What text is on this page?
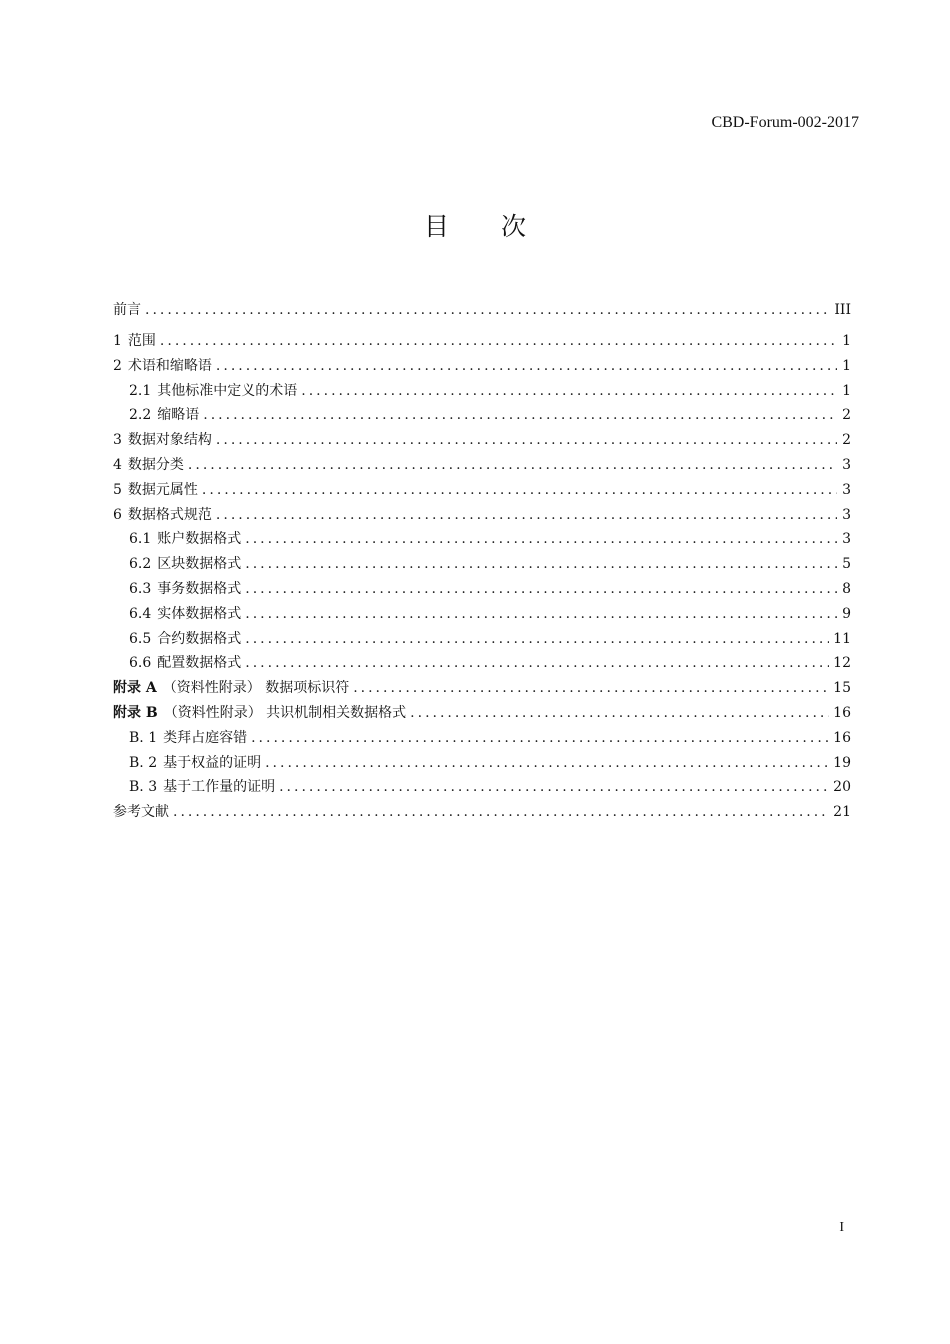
CBD-Forum-002-2017
目 次
前言 .....	III
1 范围 .....	1
2 术语和缩略语 .....	1
2.1 其他标准中定义的术语 .....	1
2.2 缩略语 .....	2
3 数据对象结构 .....	2
4 数据分类 .....	3
5 数据元属性 .....	3
6 数据格式规范 .....	3
6.1 账户数据格式 .....	3
6.2 区块数据格式 .....	5
6.3 事务数据格式 .....	8
6.4 实体数据格式 .....	9
6.5 合约数据格式 .....	11
6.6 配置数据格式 .....	12
附录 A （资料性附录） 数据项标识符 .....	15
附录 B （资料性附录） 共识机制相关数据格式 .....	16
B. 1 类拜占庭容错 .....	16
B. 2 基于权益的证明 .....	19
B. 3 基于工作量的证明 .....	20
参考文献 .....	21
I
